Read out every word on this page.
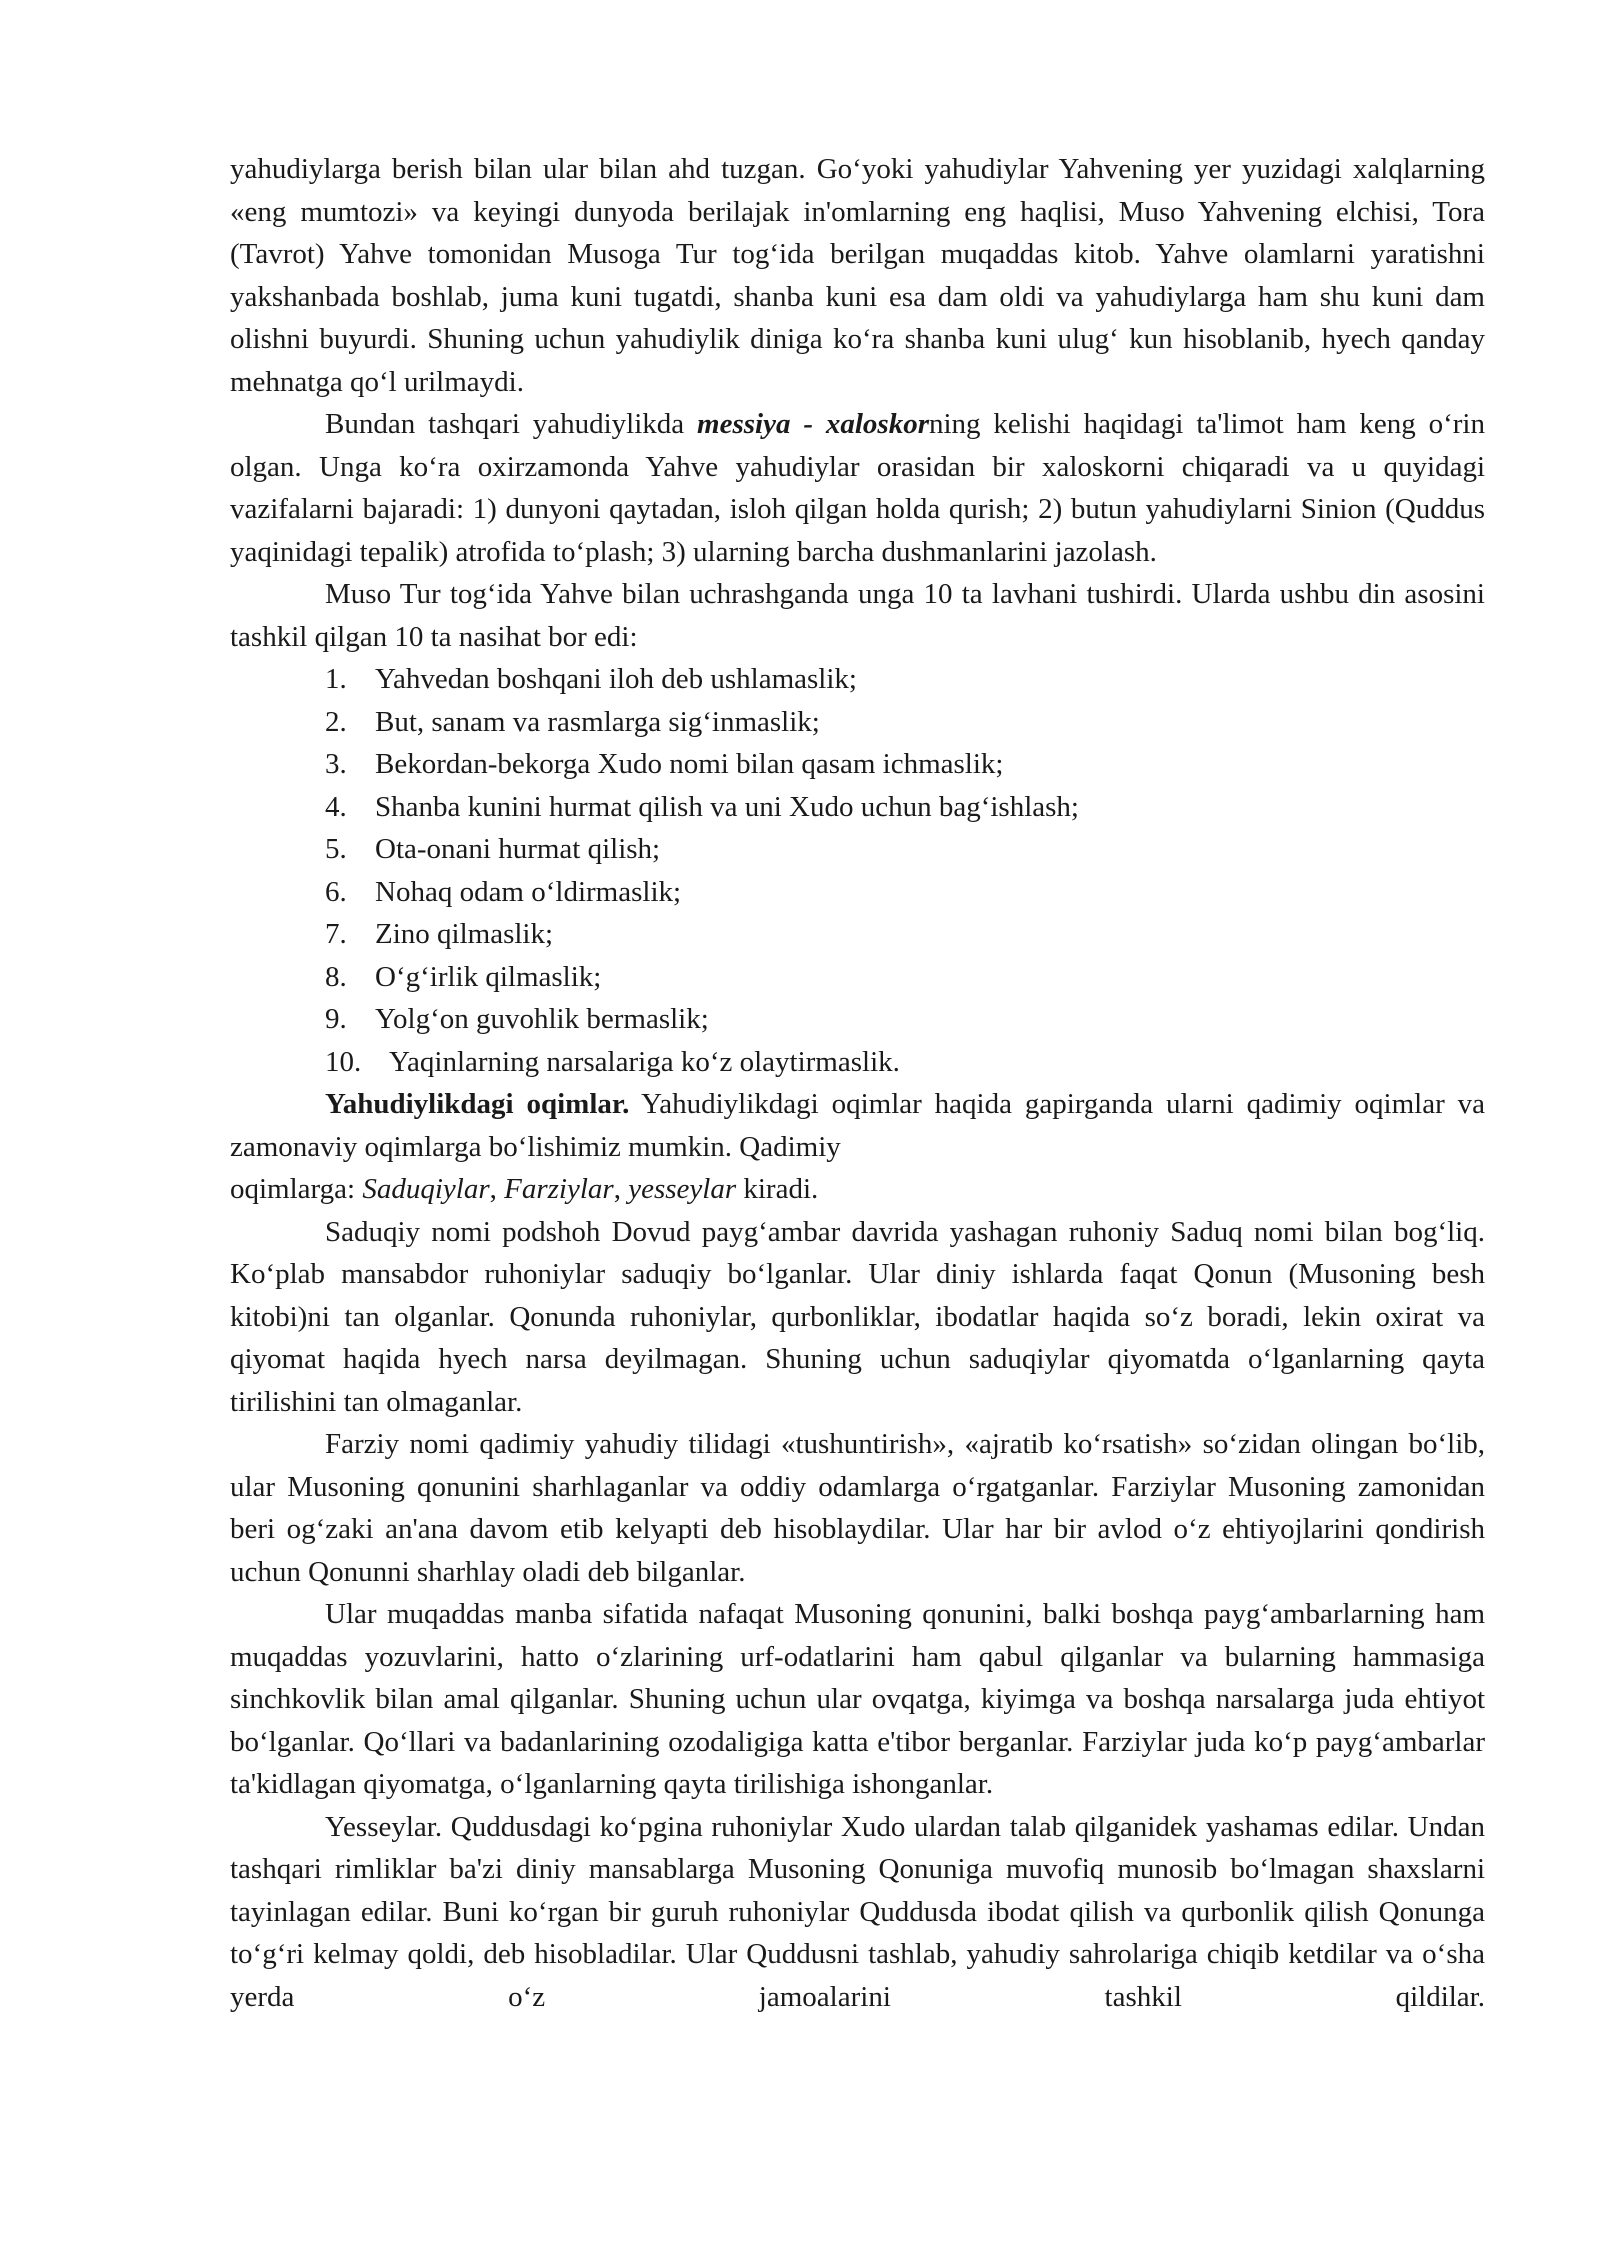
yahudiylarga berish bilan ular bilan ahd tuzgan. Go‘yoki yahudiylar Yahvening yer yuzidagi xalqlarning «eng mumtozi» va keyingi dunyoda berilajak in'omlarning eng haqlisi, Muso Yahvening elchisi, Tora (Tavrot) Yahve tomonidan Musoga Tur tog‘ida berilgan muqaddas kitob. Yahve olamlarni yaratishni yakshanbada boshlab, juma kuni tugatdi, shanba kuni esa dam oldi va yahudiylarga ham shu kuni dam olishni buyurdi. Shuning uchun yahudiylik diniga ko‘ra shanba kuni ulug‘ kun hisoblanib, hyech qanday mehnatga qo‘l urilmaydi.

Bundan tashqari yahudiylikda messiya - xaloskorning kelishi haqidagi ta'limot ham keng o‘rin olgan. Unga ko‘ra oxirzamonda Yahve yahudiylar orasidan bir xaloskorni chiqaradi va u quyidagi vazifalarni bajaradi: 1) dunyoni qaytadan, isloh qilgan holda qurish; 2) butun yahudiylarni Sinion (Quddus yaqinidagi tepalik) atrofida to‘plash; 3) ularning barcha dushmanlarini jazolash.

Muso Tur tog‘ida Yahve bilan uchrashganda unga 10 ta lavhani tushirdi. Ularda ushbu din asosini tashkil qilgan 10 ta nasihat bor edi:

1. Yahvedan boshqani iloh deb ushlamaslik;
2. But, sanam va rasmlarga sig‘inmaslik;
3. Bekordan-bekorga Xudo nomi bilan qasam ichmaslik;
4. Shanba kunini hurmat qilish va uni Xudo uchun bag‘ishlash;
5. Ota-onani hurmat qilish;
6. Nohaq odam o‘ldirmaslik;
7. Zino qilmaslik;
8. O‘g‘irlik qilmaslik;
9. Yolg‘on guvohlik bermaslik;
10. Yaqinlarning narsalariga ko‘z olaytirmaslik.

Yahudiylikdagi oqimlar. Yahudiylikdagi oqimlar haqida gapirganda ularni qadimiy oqimlar va zamonaviy oqimlarga bo‘lishimiz mumkin. Qadimiy

oqimlarga: Saduqiylar, Farziylar, yesseylar kiradi.

Saduqiy nomi podshoh Dovud payg‘ambar davrida yashagan ruhoniy Saduq nomi bilan bog‘liq. Ko‘plab mansabdor ruhoniylar saduqiy bo‘lganlar. Ular diniy ishlarda faqat Qonun (Musoning besh kitobi)ni tan olganlar. Qonunda ruhoniylar, qurbonliklar, ibodatlar haqida so‘z boradi, lekin oxirat va qiyomat haqida hyech narsa deyilmagan. Shuning uchun saduqiylar qiyomatda o‘lganlarning qayta tirilishini tan olmaganlar.

Farziy nomi qadimiy yahudiy tilidagi «tushuntirish», «ajratib ko‘rsatish» so‘zidan olingan bo‘lib, ular Musoning qonunini sharhlaganlar va oddiy odamlarga o‘rgatganlar. Farziylar Musoning zamonidan beri og‘zaki an'ana davom etib kelyapti deb hisoblaydilar. Ular har bir avlod o‘z ehtiyojlarini qondirish uchun Qonunni sharhlay oladi deb bilganlar.

Ular muqaddas manba sifatida nafaqat Musoning qonunini, balki boshqa payg‘ambarlarning ham muqaddas yozuvlarini, hatto o‘zlarining urf-odatlarini ham qabul qilganlar va bularning hammasiga sinchkovlik bilan amal qilganlar. Shuning uchun ular ovqatga, kiyimga va boshqa narsalarga juda ehtiyot bo‘lganlar. Qo‘llari va badanlarining ozodaligiga katta e'tibor berganlar. Farziylar juda ko‘p payg‘ambarlar ta'kidlagan qiyomatga, o‘lganlarning qayta tirilishiga ishonganlar.

Yesseylar. Quddusdagi ko‘pgina ruhoniylar Xudo ulardan talab qilganidek yashamas edilar. Undan tashqari rimliklar ba'zi diniy mansablarga Musoning Qonuniga muvofiq munosib bo‘lmagan shaxslarni tayinlagan edilar. Buni ko‘rgan bir guruh ruhoniylar Quddusda ibodat qilish va qurbonlik qilish Qonunga to‘g‘ri kelmay qoldi, deb hisobladilar. Ular Quddusni tashlab, yahudiy sahrolariga chiqib ketdilar va o‘sha yerda o‘z jamoalarini tashkil qildilar.
